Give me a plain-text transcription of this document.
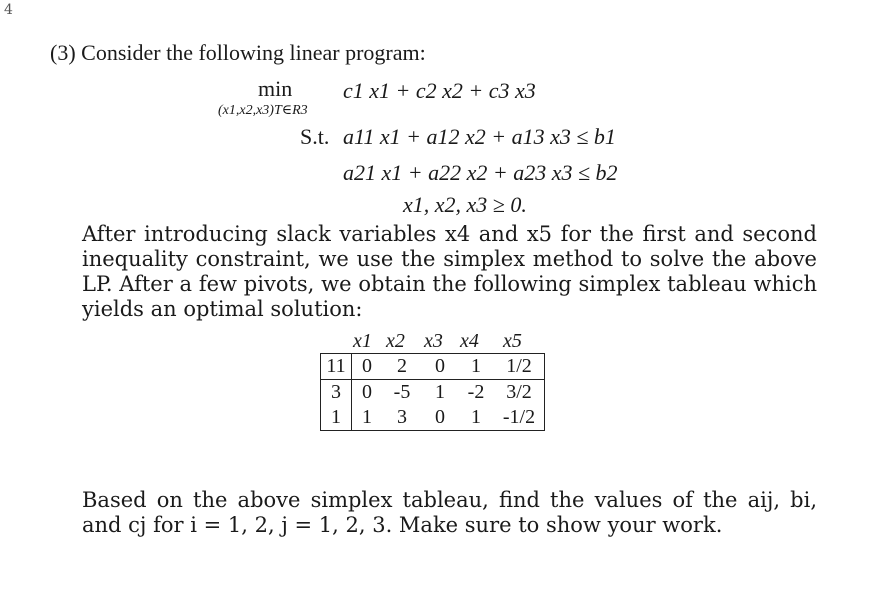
4
(3) Consider the following linear program:
min
(x1,x2,x3)T∈R3
c1 x1 + c2 x2 + c3 x3
S.t. a11 x1 + a12 x2 + a13 x3 ≤ b1
a21 x1 + a22 x2 + a23 x3 ≤ b2
x1, x2, x3 ≥ 0.
After introducing slack variables x4 and x5 for the first and second inequality constraint, we use the simplex method to solve the above LP. After a few pivots, we obtain the following simplex tableau which yields an optimal solution:
x1 x2 x3 x4 x5
11	0	2	0	1	1/2
3	0	-5	1	-2	3/2
1	1	3	0	1	-1/2
Based on the above simplex tableau, find the values of the aij, bi, and cj for i = 1, 2, j = 1, 2, 3. Make sure to show your work.
